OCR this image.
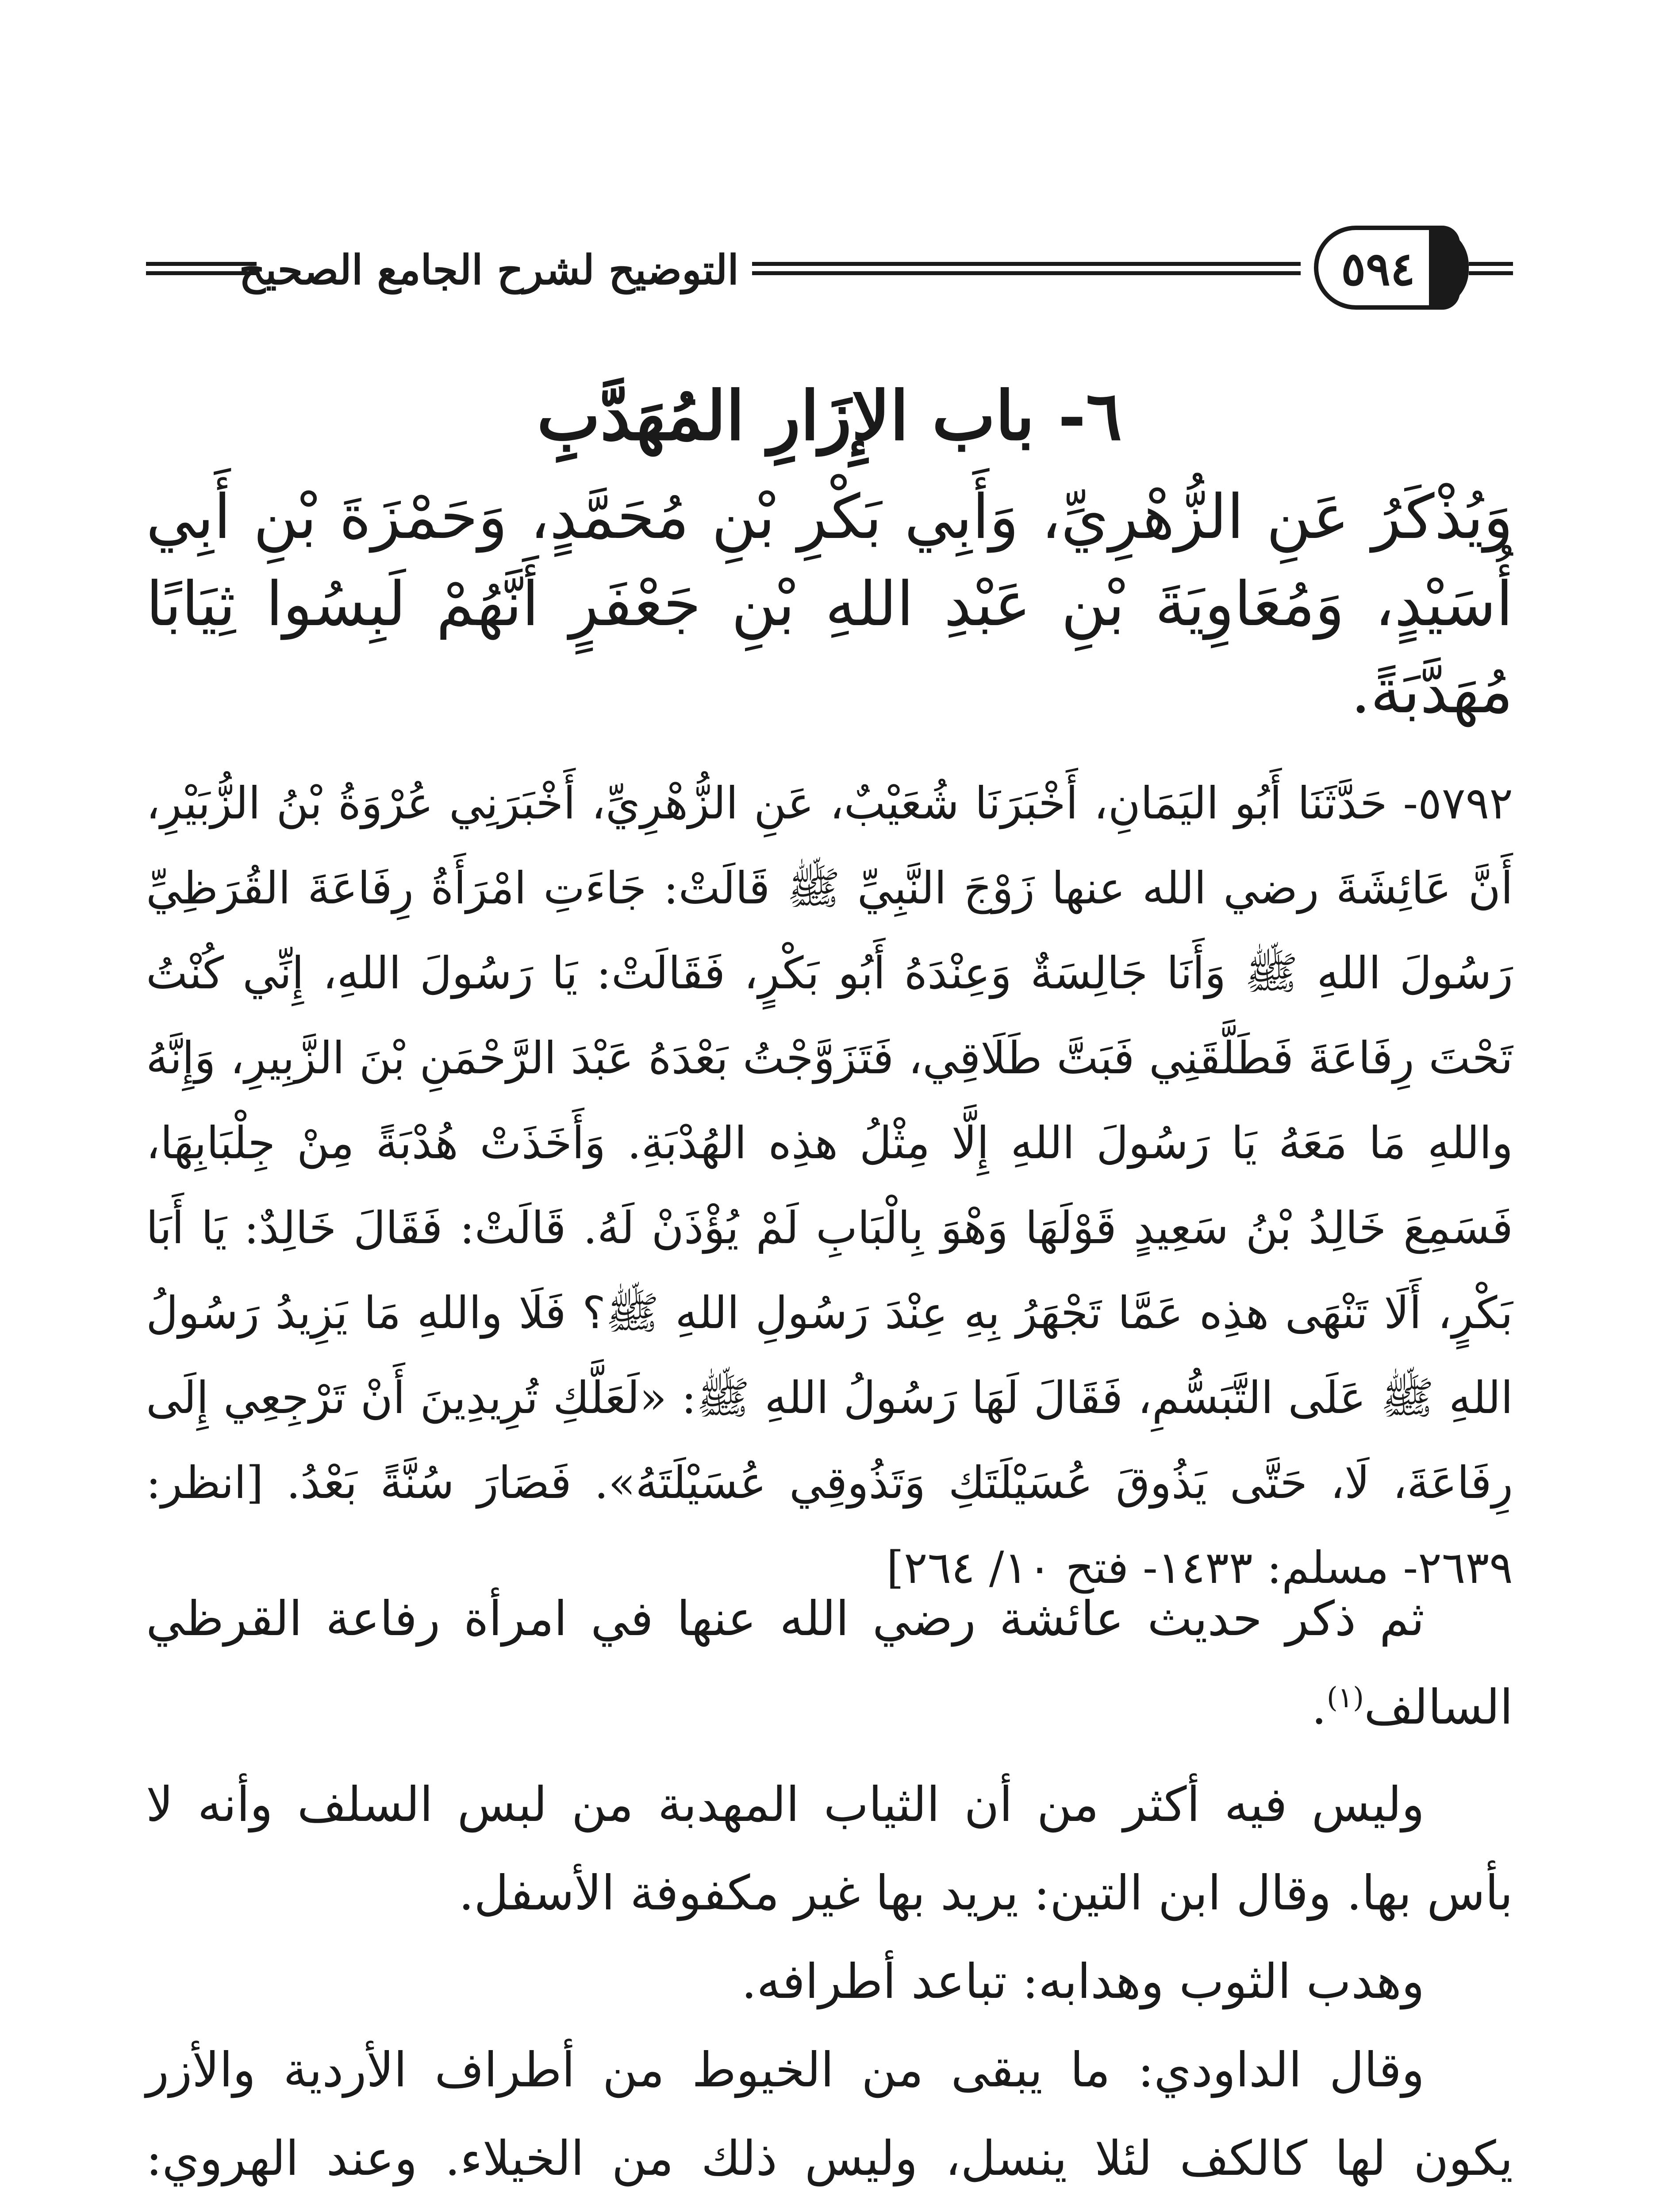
التوضيح لشرح الجامع الصحيح	٥٩٤
٦- باب الإِزَارِ المُهَدَّبِ
وَيُذْكَرُ عَنِ الزُّهْرِيِّ، وَأَبِي بَكْرِ بْنِ مُحَمَّدٍ، وَحَمْزَةَ بْنِ أَبِي أُسَيْدٍ، وَمُعَاوِيَةَ بْنِ عَبْدِ اللهِ بْنِ جَعْفَرٍ أَنَّهُمْ لَبِسُوا ثِيَابًا مُهَدَّبَةً.
٥٧٩٢- حَدَّثَنَا أَبُو اليَمَانِ، أَخْبَرَنَا شُعَيْبٌ، عَنِ الزُّهْرِيِّ، أَخْبَرَنِي عُرْوَةُ بْنُ الزُّبَيْرِ، أَنَّ عَائِشَةَ رضي الله عنها زَوْجَ النَّبِيِّ ﷺ قَالَتْ: جَاءَتِ امْرَأَةُ رِفَاعَةَ القُرَظِيِّ رَسُولَ اللهِ ﷺ وَأَنَا جَالِسَةٌ وَعِنْدَهُ أَبُو بَكْرٍ، فَقَالَتْ: يَا رَسُولَ اللهِ، إِنِّي كُنْتُ تَحْتَ رِفَاعَةَ فَطَلَّقَنِي فَبَتَّ طَلَاقِي، فَتَزَوَّجْتُ بَعْدَهُ عَبْدَ الرَّحْمَنِ بْنَ الزَّبِيرِ، وَإِنَّهُ واللهِ مَا مَعَهُ يَا رَسُولَ اللهِ إِلَّا مِثْلُ هذِه الهُدْبَةِ. وَأَخَذَتْ هُدْبَةً مِنْ جِلْبَابِهَا، فَسَمِعَ خَالِدُ بْنُ سَعِيدٍ قَوْلَهَا وَهْوَ بِالْبَابِ لَمْ يُؤْذَنْ لَهُ. قَالَتْ: فَقَالَ خَالِدٌ: يَا أَبَا بَكْرٍ، أَلَا تَنْهَى هذِه عَمَّا تَجْهَرُ بِهِ عِنْدَ رَسُولِ اللهِ ﷺ؟ فَلَا واللهِ مَا يَزِيدُ رَسُولُ اللهِ ﷺ عَلَى التَّبَسُّمِ، فَقَالَ لَهَا رَسُولُ اللهِ ﷺ: «لَعَلَّكِ تُرِيدِينَ أَنْ تَرْجِعِي إِلَى رِفَاعَةَ، لَا، حَتَّى يَذُوقَ عُسَيْلَتَكِ وَتَذُوقِي عُسَيْلَتَهُ». فَصَارَ سُنَّةً بَعْدُ. [انظر: ٢٦٣٩- مسلم: ١٤٣٣- فتح ١٠/ ٢٦٤]
ثم ذكر حديث عائشة رضي الله عنها في امرأة رفاعة القرظي السالف$^{(١)}$.
وليس فيه أكثر من أن الثياب المهدبة من لبس السلف وأنه لا بأس بها. وقال ابن التين: يريد بها غير مكفوفة الأسفل.
وهدب الثوب وهدابه: تباعد أطرافه.
وقال الداودي: ما يبقى من الخيوط من أطراف الأردية والأزر يكون لها كالكف لئلا ينسل، وليس ذلك من الخيلاء. وعند الهروي:
